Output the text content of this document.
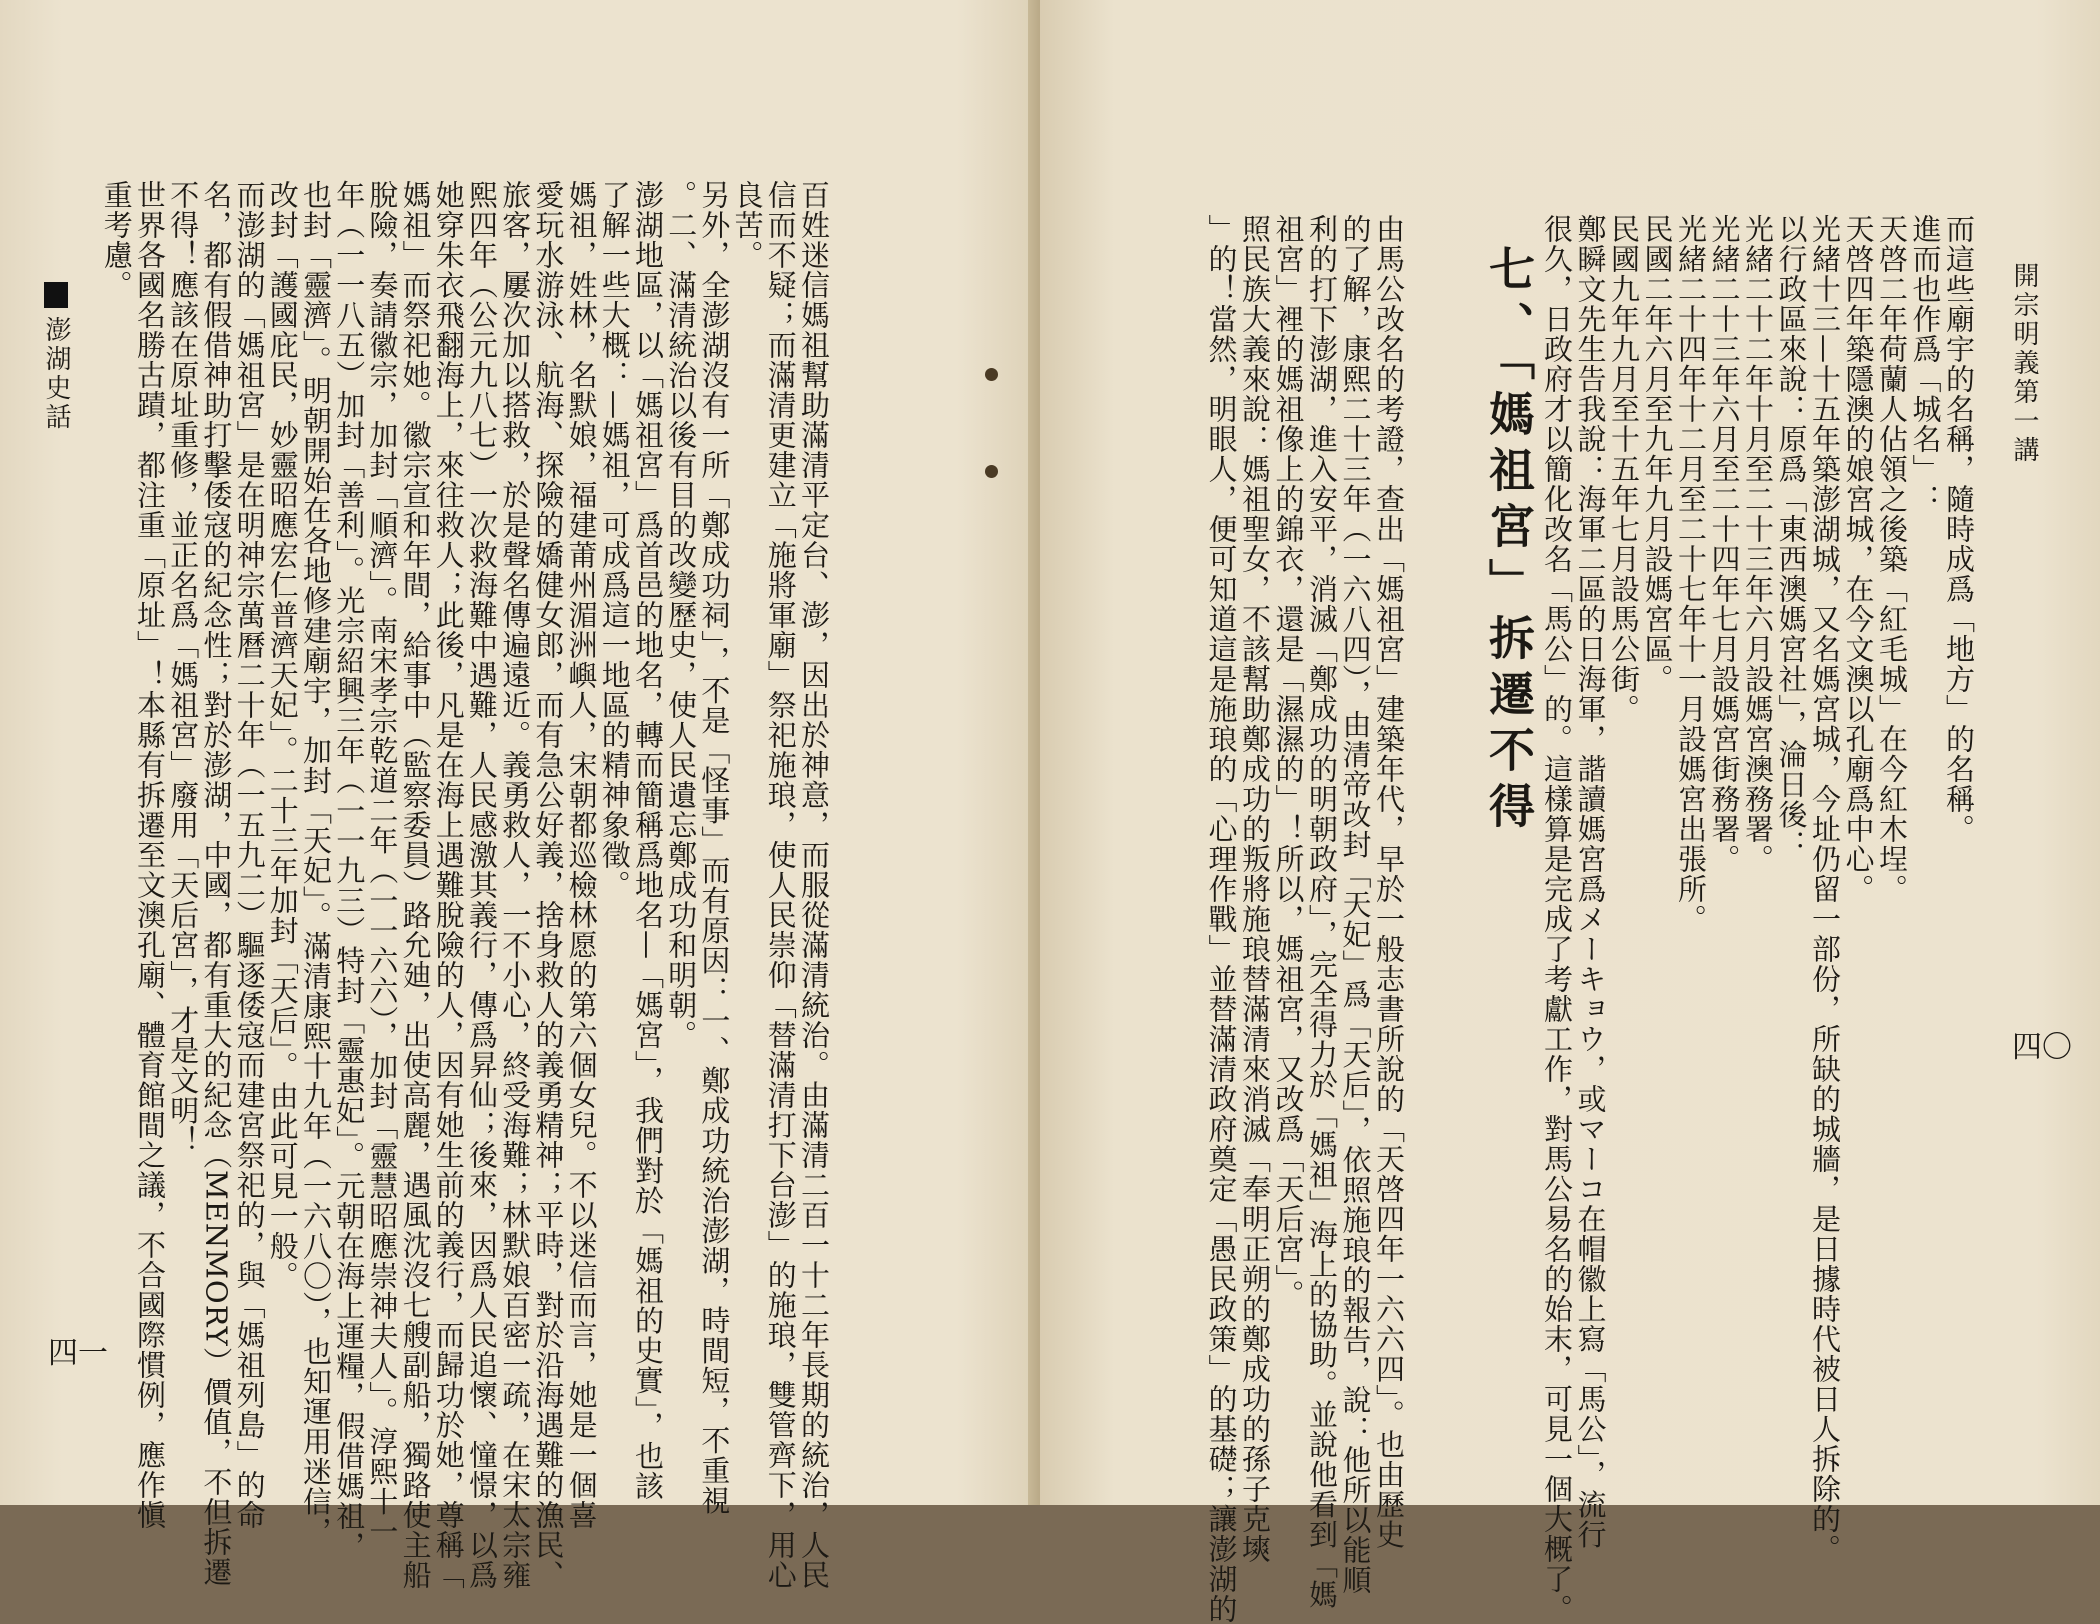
澎湖史話
四一	百姓迷信媽祖幫助滿清平定台、澎，因出於神意，而服從滿清統治。由滿清二百一十二年長期的統治，人民
信而不疑；而滿清更建立「施將軍廟」祭祀施琅，使人民崇仰「替滿清打下台澎」的施琅，雙管齊下，用心
良苦。
另外，全澎湖沒有一所「鄭成功祠」，不是「怪事」而有原因：一、鄭成功統治澎湖，時間短，不重視
。二、滿清統治以後有目的改變歷史，使人民遺忘鄭成功和明朝。
澎湖地區，以「媽祖宮」爲首邑的地名，轉而簡稱爲地名—「媽宮」，我們對於「媽祖的史實」，也該
了解一些大概：—媽祖，可成爲這一地區的精神象徵。
媽祖，姓林，名默娘，福建莆州湄洲嶼人，宋朝都巡檢林愿的第六個女兒。不以迷信而言，她是一個喜
愛玩水游泳、航海、探險的嬌健女郎，而有急公好義，捨身救人的義勇精神；平時，對於沿海遇難的漁民、
旅客，屢次加以搭救，於是聲名傳遍遠近。義勇救人，一不小心，終受海難；林默娘百密一疏，在宋太宗雍
熙四年（公元九八七）一次救海難中遇難，人民感激其義行，傳爲昇仙；後來，因爲人民追懷、憧憬，以爲
她穿朱衣飛翻海上，來往救人；此後，凡是在海上遇難脫險的人，因有她生前的義行，而歸功於她，尊稱「
媽祖」而祭祀她。徽宗宣和年間，給事中（監察委員）路允廸，出使高麗，遇風沈沒七艘副船，獨路使主船
脫險，奏請徽宗，加封「順濟」。南宋孝宗乾道二年（一一六六），加封「靈慧昭應崇神夫人」。淳熙十一
年（一一八五）加封「善利」。光宗紹興三年（一一九三）特封「靈惠妃」。元朝在海上運糧，假借媽祖，
也封「靈濟」。明朝開始在各地修建廟宇，加封「天妃」。滿清康熙十九年（一六八〇），也知運用迷信，
改封「護國庇民，妙靈昭應宏仁普濟天妃」。二十三年加封「天后」。由此可見一般。
而澎湖的「媽祖宮」是在明神宗萬曆二十年（一五九二）驅逐倭寇而建宮祭祀的，與「媽祖列島」的命
名，都有假借神助打擊倭寇的紀念性；對於澎湖，中國，都有重大的紀念（MENMORY）價值，不但拆遷
不得！應該在原址重修，並正名爲「媽祖宮」廢用「天后宮」，才是文明！
世界各國名勝古蹟，都注重「原址」！本縣有拆遷至文澳孔廟、體育館間之議，不合國際慣例，應作愼
重考慮。
開宗明義第一講
四〇
七、「媽祖宮」拆遷不得	而這些廟宇的名稱，隨時成爲「地方」的名稱。
進而也作爲「城名」：
天啓二年荷蘭人佔領之後築「紅毛城」在今紅木埕。
天啓四年築隱澳的娘宮城，在今文澳以孔廟爲中心。
光緒十三—十五年築澎湖城，又名媽宮城，今址仍留一部份，所缺的城牆，是日據時代被日人拆除的。
以行政區來說：原爲「東西澳媽宮社」，淪日後：
光緒二十二年十月至二十三年六月設媽宮澳務署。
光緒二十三年六月至二十四年七月設媽宮街務署。
光緒二十四年十二月至二十七年十一月設媽宮出張所。
民國二年六月至九年九月設媽宮區。
民國九年九月至十五年七月設馬公街。
鄭瞬文先生告我說：海軍二區的日海軍，諧讀媽宮爲メーキョウ，或マーコ在帽徽上寫「馬公」，流行
很久，日政府才以簡化改名「馬公」的。這樣算是完成了考獻工作，對馬公易名的始末，可見一個大概了。
由馬公改名的考證，查出「媽祖宮」建築年代，早於一般志書所說的「天啓四年一六六四」。也由歷史
的了解，康熙二十三年（一六八四），由清帝改封「天妃」爲「天后」，依照施琅的報告，說：他所以能順
利的打下澎湖，進入安平，消滅「鄭成功的明朝政府」，完全得力於「媽祖」海上的協助。並說他看到「媽
祖宮」裡的媽祖像上的錦衣，還是「濕濕的」！所以，媽祖宮，又改爲「天后宮」。
照民族大義來說：媽祖聖女，不該幫助鄭成功的叛將施琅替滿清來消滅「奉明正朔的鄭成功的孫子克塽
」的！當然，明眼人，便可知道這是施琅的「心理作戰」並替滿清政府奠定「愚民政策」的基礎；讓澎湖的
